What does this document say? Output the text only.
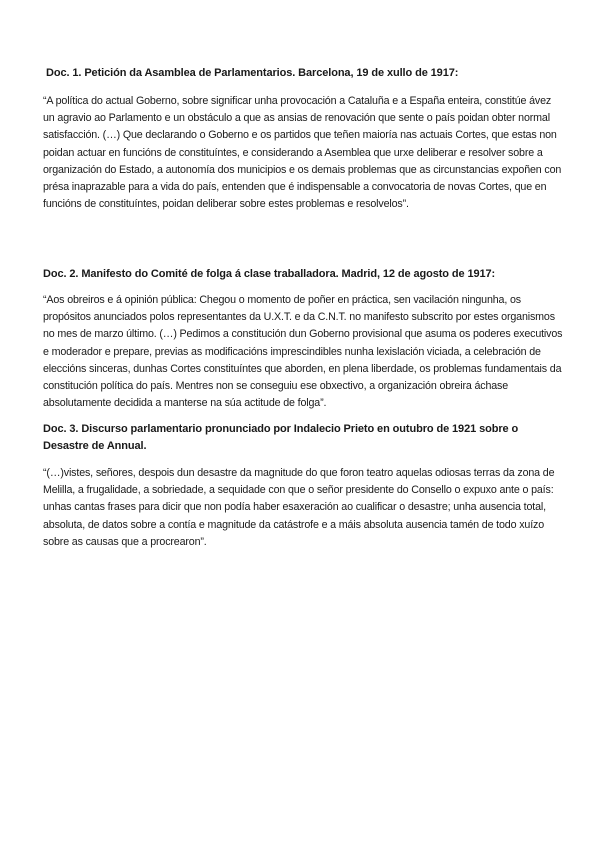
Doc. 1. Petición da Asamblea de Parlamentarios. Barcelona, 19 de xullo de 1917:

“A política do actual Goberno, sobre significar unha provocación a Cataluña e a España enteira, constitúe ávez un agravio ao Parlamento e un obstáculo a que as ansias de renovación que sente o país poidan obter normal satisfacción. (…) Que declarando o Goberno e os partidos que teñen maioría nas actuais Cortes, que estas non poidan actuar en funcións de constituíntes, e considerando a Asemblea que urxe deliberar e resolver sobre a organización do Estado, a autonomía dos municipios e os demais problemas que as circunstancias expoñen con présa inaprazable para a vida do país, entenden que é indispensable a convocatoria de novas Cortes, que en funcións de constituíntes, poidan deliberar sobre estes problemas e resolvelos”.

Doc. 2. Manifesto do Comité de folga á clase traballadora. Madrid, 12 de agosto de 1917:

“Aos obreiros e á opinión pública: Chegou o momento de poñer en práctica, sen vacilación ningunha, os propósitos anunciados polos representantes da U.X.T. e da C.N.T. no manifesto subscrito por estes organismos no mes de marzo último. (…) Pedimos a constitución dun Goberno provisional que asuma os poderes executivos e moderador e prepare, previas as modificacións imprescindibles nunha lexislación viciada, a celebración de eleccións sinceras, dunhas Cortes constituíntes que aborden, en plena liberdade, os problemas fundamentais da constitución política do país. Mentres non se conseguiu ese obxectivo, a organización obreira áchase absolutamente decidida a manterse na súa actitude de folga”.

Doc. 3. Discurso parlamentario pronunciado por Indalecio Prieto en outubro de 1921 sobre o Desastre de Annual.

“(…)vistes, señores, despois dun desastre da magnitude do que foron teatro aquelas odiosas terras da zona de Melilla, a frugalidade, a sobriedade, a sequidade con que o señor presidente do Consello o expuxo ante o país: unhas cantas frases para dicir que non podía haber esaxeración ao cualificar o desastre; unha ausencia total, absoluta, de datos sobre a contía e magnitude da catástrofe e a máis absoluta ausencia tamén de todo xuízo sobre as causas que a procrearon”.
